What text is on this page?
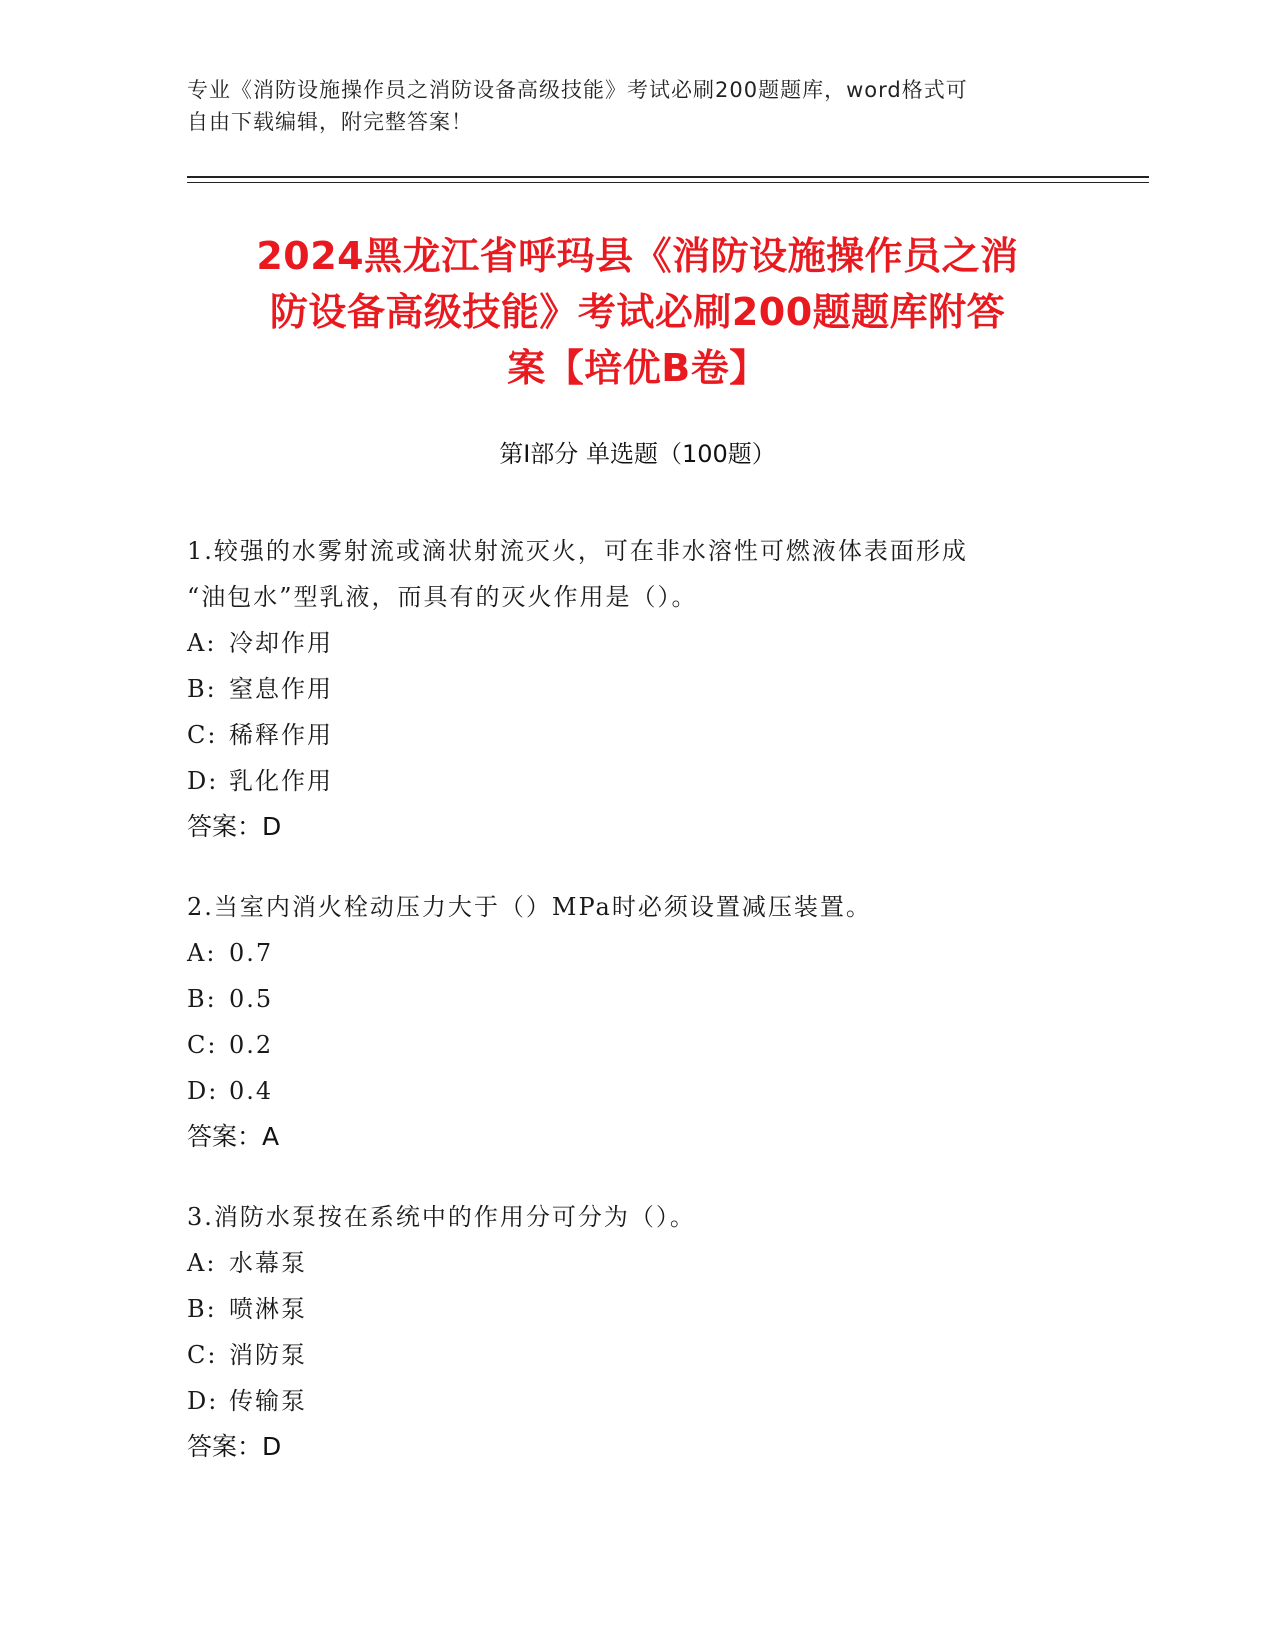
专业《消防设施操作员之消防设备高级技能》考试必刷200题题库，word格式可
自由下载编辑，附完整答案！
2024黑龙江省呼玛县《消防设施操作员之消
防设备高级技能》考试必刷200题题库附答
案【培优B卷】
第Ⅰ部分 单选题（100题）
1.较强的水雾射流或滴状射流灭火，可在非水溶性可燃液体表面形成
“油包水”型乳液，而具有的灭火作用是（）。
A: 冷却作用
B: 窒息作用
C: 稀释作用
D: 乳化作用
答案：D
2.当室内消火栓动压力大于（）MPa时必须设置减压装置。
A: 0.7
B: 0.5
C: 0.2
D: 0.4
答案：A
3.消防水泵按在系统中的作用分可分为（）。
A: 水幕泵
B: 喷淋泵
C: 消防泵
D: 传输泵
答案：D
